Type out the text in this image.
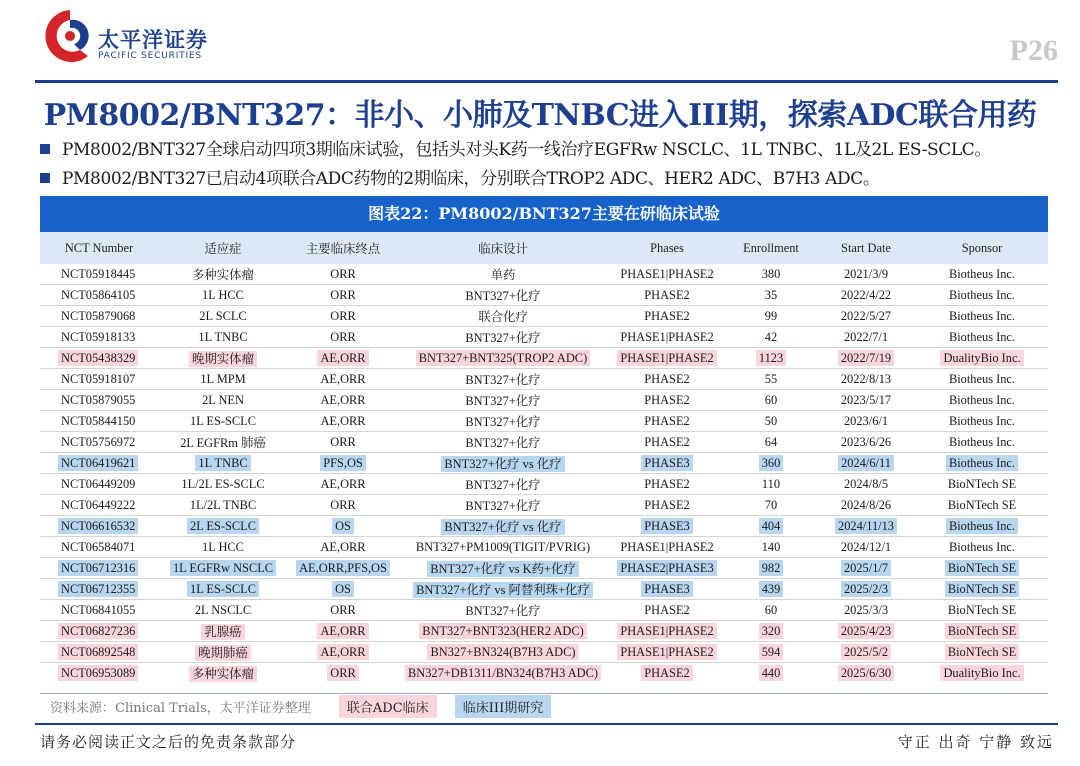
太平洋证券
PACIFIC SECURITIES	P26
PM8002/BNT327：非小、小肺及TNBC进入III期，探索ADC联合用药
PM8002/BNT327全球启动四项3期临床试验，包括头对头K药一线治疗EGFRw NSCLC、1L TNBC、1L及2L ES-SCLC。
PM8002/BNT327已启动4项联合ADC药物的2期临床，分别联合TROP2 ADC、HER2 ADC、B7H3 ADC。
图表22：PM8002/BNT327主要在研临床试验
NCT Number	适应症	主要临床终点	临床设计	Phases	Enrollment	Start Date	Sponsor
NCT05918445	多种实体瘤	ORR	单药	PHASE1|PHASE2	380	2021/3/9	Biotheus Inc.
NCT05864105	1L HCC	ORR	BNT327+化疗	PHASE2	35	2022/4/22	Biotheus Inc.
NCT05879068	2L SCLC	ORR	联合化疗	PHASE2	99	2022/5/27	Biotheus Inc.
NCT05918133	1L TNBC	ORR	BNT327+化疗	PHASE1|PHASE2	42	2022/7/1	Biotheus Inc.
NCT05438329	晚期实体瘤	AE,ORR	BNT327+BNT325(TROP2 ADC)	PHASE1|PHASE2	1123	2022/7/19	DualityBio Inc.
NCT05918107	1L MPM	AE,ORR	BNT327+化疗	PHASE2	55	2022/8/13	Biotheus Inc.
NCT05879055	2L NEN	AE,ORR	BNT327+化疗	PHASE2	60	2023/5/17	Biotheus Inc.
NCT05844150	1L ES-SCLC	AE,ORR	BNT327+化疗	PHASE2	50	2023/6/1	Biotheus Inc.
NCT05756972	2L EGFRm 肺癌	ORR	BNT327+化疗	PHASE2	64	2023/6/26	Biotheus Inc.
NCT06419621	1L TNBC	PFS,OS	BNT327+化疗 vs 化疗	PHASE3	360	2024/6/11	Biotheus Inc.
NCT06449209	1L/2L ES-SCLC	AE,ORR	BNT327+化疗	PHASE2	110	2024/8/5	BioNTech SE
NCT06449222	1L/2L TNBC	ORR	BNT327+化疗	PHASE2	70	2024/8/26	BioNTech SE
NCT06616532	2L ES-SCLC	OS	BNT327+化疗 vs 化疗	PHASE3	404	2024/11/13	Biotheus Inc.
NCT06584071	1L HCC	AE,ORR	BNT327+PM1009(TIGIT/PVRIG)	PHASE1|PHASE2	140	2024/12/1	Biotheus Inc.
NCT06712316	1L EGFRw NSCLC	AE,ORR,PFS,OS	BNT327+化疗 vs K药+化疗	PHASE2|PHASE3	982	2025/1/7	BioNTech SE
NCT06712355	1L ES-SCLC	OS	BNT327+化疗 vs 阿替利珠+化疗	PHASE3	439	2025/2/3	BioNTech SE
NCT06841055	2L NSCLC	ORR	BNT327+化疗	PHASE2	60	2025/3/3	BioNTech SE
NCT06827236	乳腺癌	AE,ORR	BNT327+BNT323(HER2 ADC)	PHASE1|PHASE2	320	2025/4/23	BioNTech SE
NCT06892548	晚期肺癌	AE,ORR	BN327+BN324(B7H3 ADC)	PHASE1|PHASE2	594	2025/5/2	BioNTech SE
NCT06953089	多种实体瘤	ORR	BN327+DB1311/BN324(B7H3 ADC)	PHASE2	440	2025/6/30	DualityBio Inc.
资料来源：Clinical Trials，太平洋证券整理	联合ADC临床	临床III期研究
请务必阅读正文之后的免责条款部分	守正 出奇 宁静 致远
